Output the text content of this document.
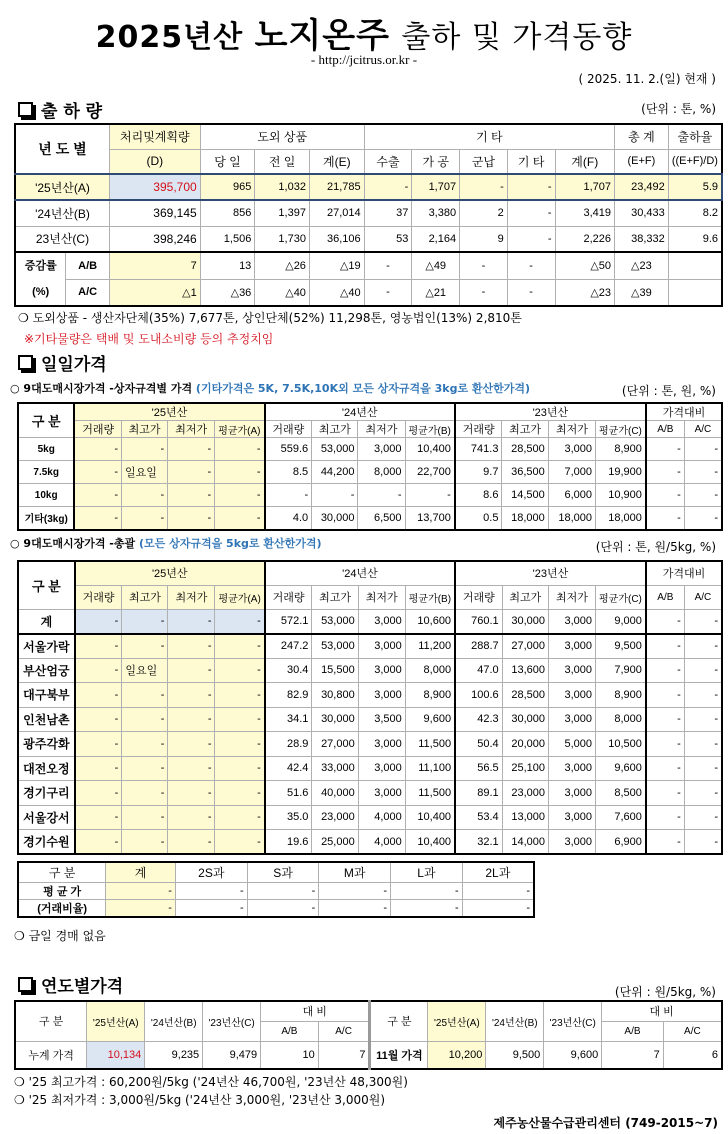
2025년산 노지온주 출하 및 가격동향
- http://jcitrus.or.kr -
( 2025. 11. 2.(일) 현재 )
출 하 량	(단위 : 톤, %)
년 도 별		처리및계획량	도외 상품			기 타					총 계	출하율
		(D)	당 일	전 일	계(E)	수출	가 공	군납	기 타	계(F)	(E+F)	((E+F)/D)
'25년산(A)		395,700	965	1,032	21,785	-	1,707	-	-	1,707	23,492	5.9
'24년산(B)		369,145	856	1,397	27,014	37	3,380	2	-	3,419	30,433	8.2
23년산(C)		398,246	1,506	1,730	36,106	53	2,164	9	-	2,226	38,332	9.6
증감률
(%)	A/B	7	13	△26	△19	-	△49	-	-	△50	△23	
	A/C	△1	△36	△40	△40	-	△21	-	-	△23	△39	
❍ 도외상품 - 생산자단체(35%) 7,677톤, 상인단체(52%) 11,298톤, 영농법인(13%) 2,810톤
※기타물량은 택배 및 도내소비량 등의 추정치임
일일가격
○ 9대도매시장가격 -상자규격별 가격 (기타가격은 5K, 7.5K,10K외 모든 상자규격을 3kg로 환산한가격)	(단위 : 톤, 원, %)
구 분	'25년산				'24년산				'23년산				가격대비	
	거래량	최고가	최저가	평균가(A)	거래량	최고가	최저가	평균가(B)	거래량	최고가	최저가	평균가(C)	A/B	A/C
5kg	-	-	-	-	559.6	53,000	3,000	10,400	741.3	28,500	3,000	8,900	-	-
7.5kg	-	일요일	-	-	8.5	44,200	8,000	22,700	9.7	36,500	7,000	19,900	-	-
10kg	-	-	-	-	-	-	-	-	8.6	14,500	6,000	10,900	-	-
기타(3kg)	-	-	-	-	4.0	30,000	6,500	13,700	0.5	18,000	18,000	18,000	-	-
○ 9대도매시장가격 -총괄 (모든 상자규격을 5kg로 환산한가격)	(단위 : 톤, 원/5kg, %)
구 분	'25년산				'24년산				'23년산				가격대비	
	거래량	최고가	최저가	평균가(A)	거래량	최고가	최저가	평균가(B)	거래량	최고가	최저가	평균가(C)	A/B	A/C
계	-	-	-	-	572.1	53,000	3,000	10,600	760.1	30,000	3,000	9,000	-	-
서울가락	-	-	-	-	247.2	53,000	3,000	11,200	288.7	27,000	3,000	9,500	-	-
부산엄궁	-	일요일	-	-	30.4	15,500	3,000	8,000	47.0	13,600	3,000	7,900	-	-
대구북부	-	-	-	-	82.9	30,800	3,000	8,900	100.6	28,500	3,000	8,900	-	-
인천남촌	-	-	-	-	34.1	30,000	3,500	9,600	42.3	30,000	3,000	8,000	-	-
광주각화	-	-	-	-	28.9	27,000	3,000	11,500	50.4	20,000	5,000	10,500	-	-
대전오정	-	-	-	-	42.4	33,000	3,000	11,100	56.5	25,100	3,000	9,600	-	-
경기구리	-	-	-	-	51.6	40,000	3,000	11,500	89.1	23,000	3,000	8,500	-	-
서울강서	-	-	-	-	35.0	23,000	4,000	10,400	53.4	13,000	3,000	7,600	-	-
경기수원	-	-	-	-	19.6	25,000	4,000	10,400	32.1	14,000	3,000	6,900	-	-
구 분	계	2S과	S과	M과	L과	2L과
평 균 가	-	-	-	-	-	-
(거래비율)	-	-	-	-	-	-
❍ 금일 경매 없음
연도별가격	(단위 : 원/5kg, %)
구 분	'25년산(A)	'24년산(B)	'23년산(C)	대 비		구 분	'25년산(A)	'24년산(B)	'23년산(C)	대 비	
				A/B	A/C					A/B	A/C
누계 가격	10,134	9,235	9,479	10	7	11월 가격	10,200	9,500	9,600	7	6
❍ '25 최고가격 : 60,200원/5kg ('24년산 46,700원, '23년산 48,300원)
❍ '25 최저가격 : 3,000원/5kg ('24년산 3,000원, '23년산 3,000원)
제주농산물수급관리센터 (749-2015~7)
